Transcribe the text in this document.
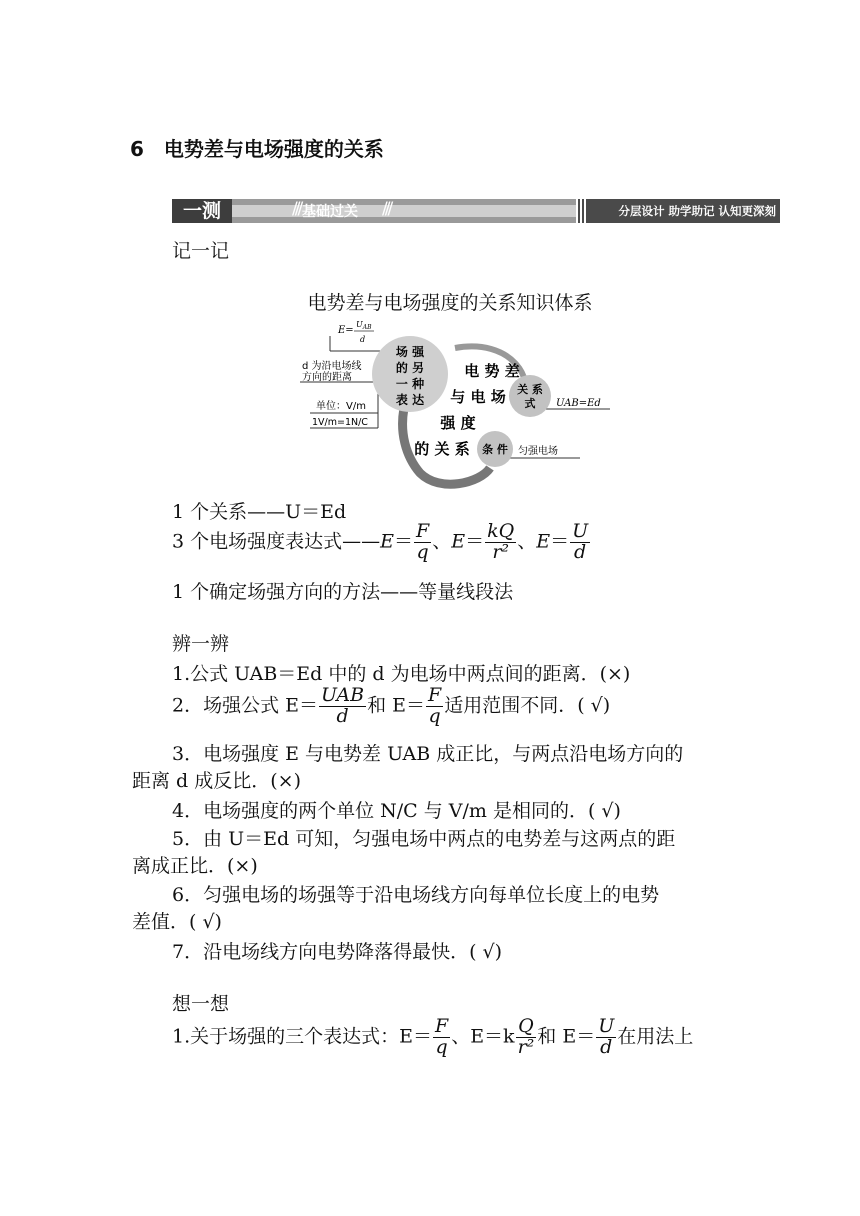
6 电势差与电场强度的关系
一测	/// 基础过关 ///	分层设计 助学助记 认知更深刻
记一记
电势差与电场强度的关系知识体系
E=
$U_{AB}$
d
d 为沿电场线
方向的距离
单位：V/m
1V/m=1N/C
场 强
的 另
一 种
表 达
电 势 差
与 电 场
强 度
的 关 系
关 系
式
条 件
UAB=Ed
匀强电场
1 个关系——U＝Ed
3 个电场强度表达式——E＝ $\frac{F}{q}$ 、$E= \frac{kQ}{\text{r²}}$ 、$E= \frac{U}{d}$
1 个确定场强方向的方法——等量线段法
辨一辨
1.公式 UAB＝Ed 中的 d 为电场中两点间的距离．(×)
2．场强公式 $E= \frac{\text{UAB}}{d}$ 和 $E= \frac{F}{q}$ 适用范围不同．( √)
3．电场强度 E 与电势差 UAB 成正比，与两点沿电场方向的
距离 d 成反比．(×)
4．电场强度的两个单位 N/C 与 V/m 是相同的．( √)
5．由 U＝Ed 可知，匀强电场中两点的电势差与这两点的距
离成正比．(×)
6．匀强电场的场强等于沿电场线方向每单位长度上的电势
差值．( √)
7．沿电场线方向电势降落得最快．( √)
想一想
1.关于场强的三个表达式：$E= \frac{F}{q}$ 、$E=k \frac{Q}{\text{r²}}$ 和 $E= \frac{U}{d}$ 在用法上
